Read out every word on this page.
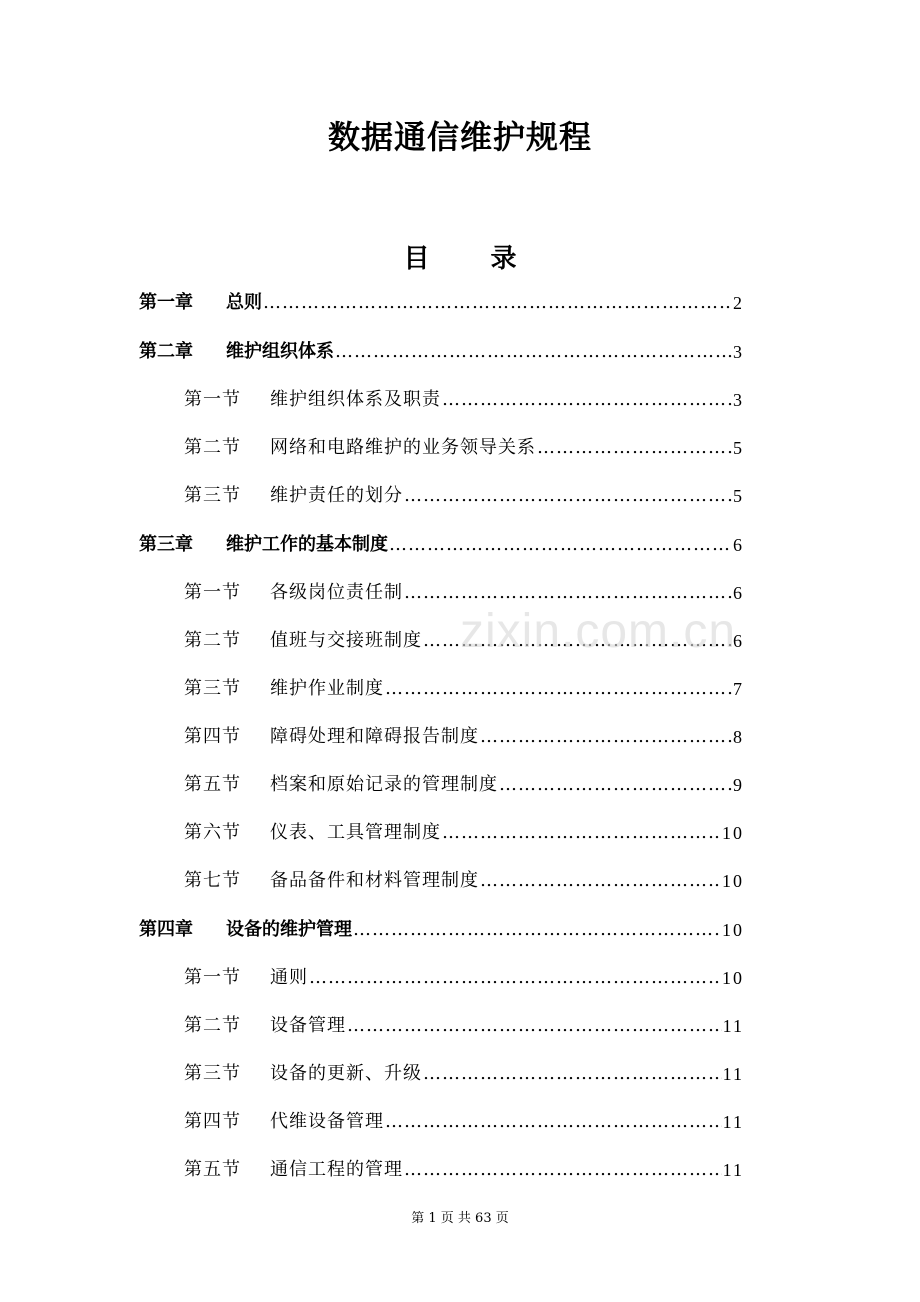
数据通信维护规程
目 录
第一章	总则 ……………………………………………………………………………………………………………………………………………………	2
第二章	维护组织体系 ……………………………………………………………………………………………………………………………………………………	3
第一节	维护组织体系及职责 ……………………………………………………………………………………………………………………………………………………	3
第二节	网络和电路维护的业务领导关系 ……………………………………………………………………………………………………………………………………………………	5
第三节	维护责任的划分 ……………………………………………………………………………………………………………………………………………………	5
第三章	维护工作的基本制度 ……………………………………………………………………………………………………………………………………………………	6
第一节	各级岗位责任制 ……………………………………………………………………………………………………………………………………………………	6
第二节	值班与交接班制度 ……………………………………………………………………………………………………………………………………………………	6
第三节	维护作业制度 ……………………………………………………………………………………………………………………………………………………	7
第四节	障碍处理和障碍报告制度 ……………………………………………………………………………………………………………………………………………………	8
第五节	档案和原始记录的管理制度 ……………………………………………………………………………………………………………………………………………………	9
第六节	仪表、工具管理制度 ……………………………………………………………………………………………………………………………………………………	10
第七节	备品备件和材料管理制度 ……………………………………………………………………………………………………………………………………………………	10
第四章	设备的维护管理 ……………………………………………………………………………………………………………………………………………………	10
第一节	通则 ……………………………………………………………………………………………………………………………………………………	10
第二节	设备管理 ……………………………………………………………………………………………………………………………………………………	11
第三节	设备的更新、升级 ……………………………………………………………………………………………………………………………………………………	11
第四节	代维设备管理 ……………………………………………………………………………………………………………………………………………………	11
第五节	通信工程的管理 ……………………………………………………………………………………………………………………………………………………	11
zixin.com.cn
第 1 页 共 63 页
